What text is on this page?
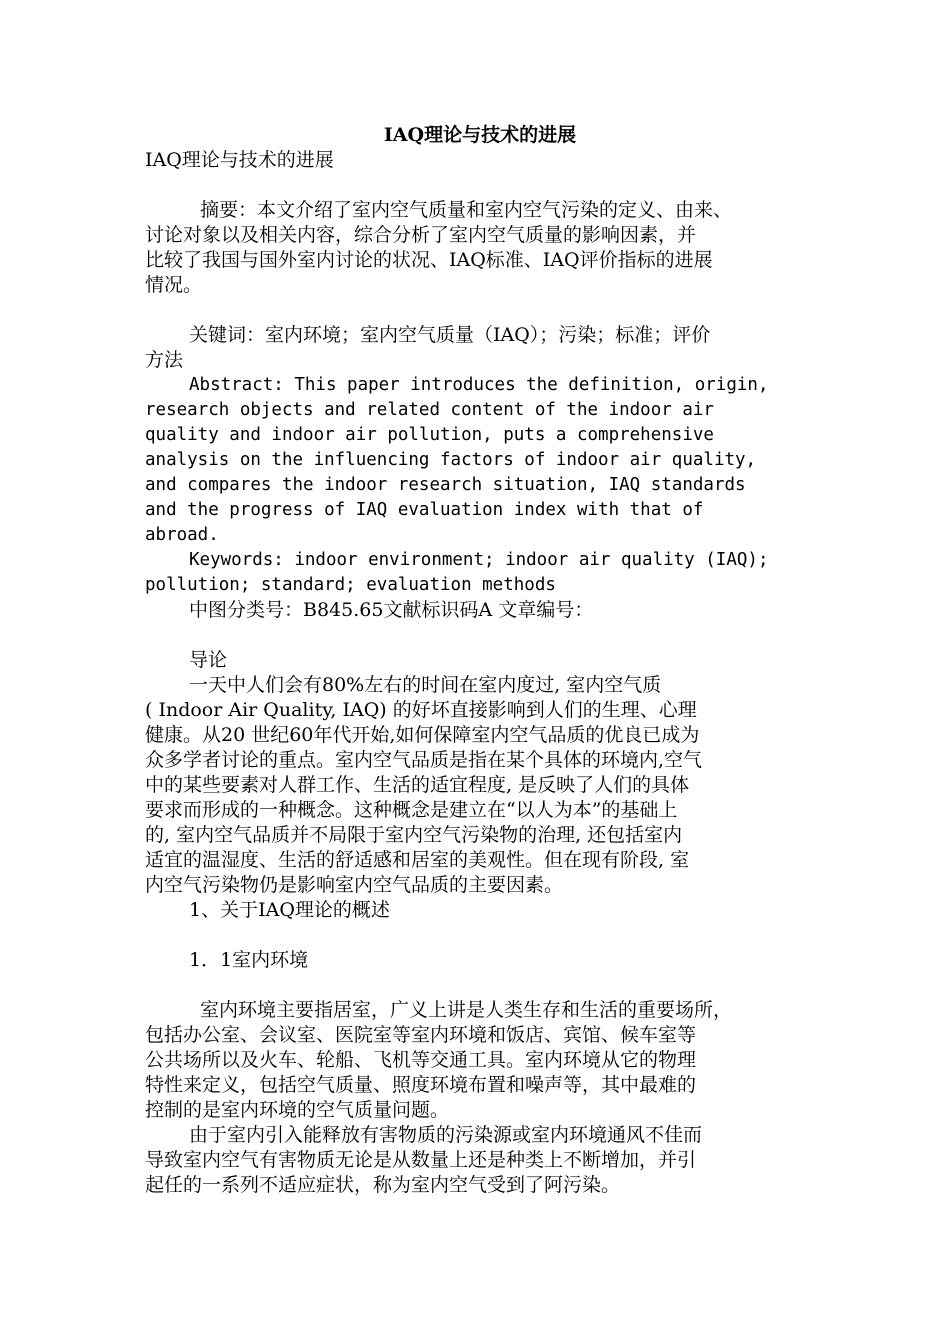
IAQ理论与技术的进展

IAQ理论与技术的进展

摘要：本文介绍了室内空气质量和室内空气污染的定义、由来、

讨论对象以及相关内容，综合分析了室内空气质量的影响因素，并

比较了我国与国外室内讨论的状况、IAQ标准、IAQ评价指标的进展

情况。

关键词：室内环境；室内空气质量（IAQ）；污染；标准；评价

方法

Abstract: This paper introduces the definition, origin,

research objects and related content of the indoor air

quality and indoor air pollution, puts a comprehensive

analysis on the influencing factors of indoor air quality,

and compares the indoor research situation, IAQ standards

and the progress of IAQ evaluation index with that of

abroad.

Keywords: indoor environment; indoor air quality (IAQ);

pollution; standard; evaluation methods

中图分类号：B845.65文献标识码A 文章编号：

导论

一天中人们会有80%左右的时间在室内度过, 室内空气质

( Indoor Air Quality, IAQ) 的好坏直接影响到人们的生理、心理

健康。从20 世纪60年代开始,如何保障室内空气品质的优良已成为

众多学者讨论的重点。室内空气品质是指在某个具体的环境内,空气

中的某些要素对人群工作、生活的适宜程度, 是反映了人们的具体

要求而形成的一种概念。这种概念是建立在“以人为本”的基础上

的, 室内空气品质并不局限于室内空气污染物的治理, 还包括室内

适宜的温湿度、生活的舒适感和居室的美观性。但在现有阶段, 室

内空气污染物仍是影响室内空气品质的主要因素。

1、关于IAQ理论的概述

1．1室内环境

室内环境主要指居室，广义上讲是人类生存和生活的重要场所，

包括办公室、会议室、医院室等室内环境和饭店、宾馆、候车室等

公共场所以及火车、轮船、飞机等交通工具。室内环境从它的物理

特性来定义，包括空气质量、照度环境布置和噪声等，其中最难的

控制的是室内环境的空气质量问题。

由于室内引入能释放有害物质的污染源或室内环境通风不佳而

导致室内空气有害物质无论是从数量上还是种类上不断增加，并引

起任的一系列不适应症状，称为室内空气受到了阿污染。
